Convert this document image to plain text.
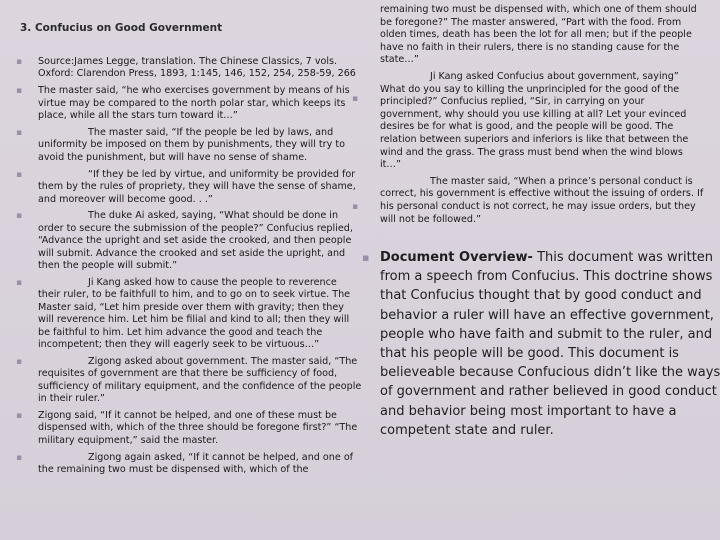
3. Confucius on Good Government
▪ Source:James Legge, translation. The Chinese Classics, 7 vols. Oxford: Clarendon Press, 1893, 1:145, 146, 152, 254, 258-59, 266
▪ The master said, “he who exercises government by means of his virtue may be compared to the north polar star, which keeps its place, while all the stars turn toward it…”
▪	The master said, “If the people be led by laws, and uniformity be imposed on them by punishments, they will try to avoid the punishment, but will have no sense of shame.
▪	“If they be led by virtue, and uniformity be provided for them by the rules of propriety, they will have the sense of shame, and moreover will become good. . .”
▪	The duke Ai asked, saying, “What should be done in order to secure the submission of the people?” Confucius replied, “Advance the upright and set aside the crooked, and then people will submit. Advance the crooked and set aside the upright, and then the people will submit.”
▪	Ji Kang asked how to cause the people to reverence their ruler, to be faithfull to him, and to go on to seek virtue. The Master said, “Let him preside over them with gravity; then they will reverence him. Let him be filial and kind to all; then they will be faithful to him. Let him advance the good and teach the incompetent; then they will eagerly seek to be virtuous…”
▪	Zigong asked about government. The master said, “The requisites of government are that there be sufficiency of food, sufficiency of military equipment, and the confidence of the people in their ruler.”
▪ Zigong said, “If it cannot be helped, and one of these must be dispensed with, which of the three should be foregone first?” “The military equipment,” said the master.
▪	Zigong again asked, “If it cannot be helped, and one of the remaining two must be dispensed with, which of the

remaining two must be dispensed with, which one of them should be foregone?” The master answered, “Part with the food. From olden times, death has been the lot for all men; but if the people have no faith in their rulers, there is no standing cause for the state…”

Ji Kang asked Confucius about government, saying” What do you say to killing the unprincipled for the good of the principled?” Confucius replied, “Sir, in carrying on your government, why should you use killing at all? Let your evinced desires be for what is good, and the people will be good. The relation between superiors and inferiors is like that between the wind and the grass. The grass must bend when the wind blows it…”

The master said, “When a prince’s personal conduct is correct, his government is effective without the issuing of orders. If his personal conduct is not correct, he may issue orders, but they will not be followed.”

▪
▪
▪ Document Overview- This document was written from a speech from Confucius. This doctrine shows that Confucius thought that by good conduct and behavior a ruler will have an effective government, people who have faith and submit to the ruler, and that his people will be good. This document is believeable because Confucious didn’t like the ways of government and rather believed in good conduct and behavior being most important to have a competent state and ruler.
